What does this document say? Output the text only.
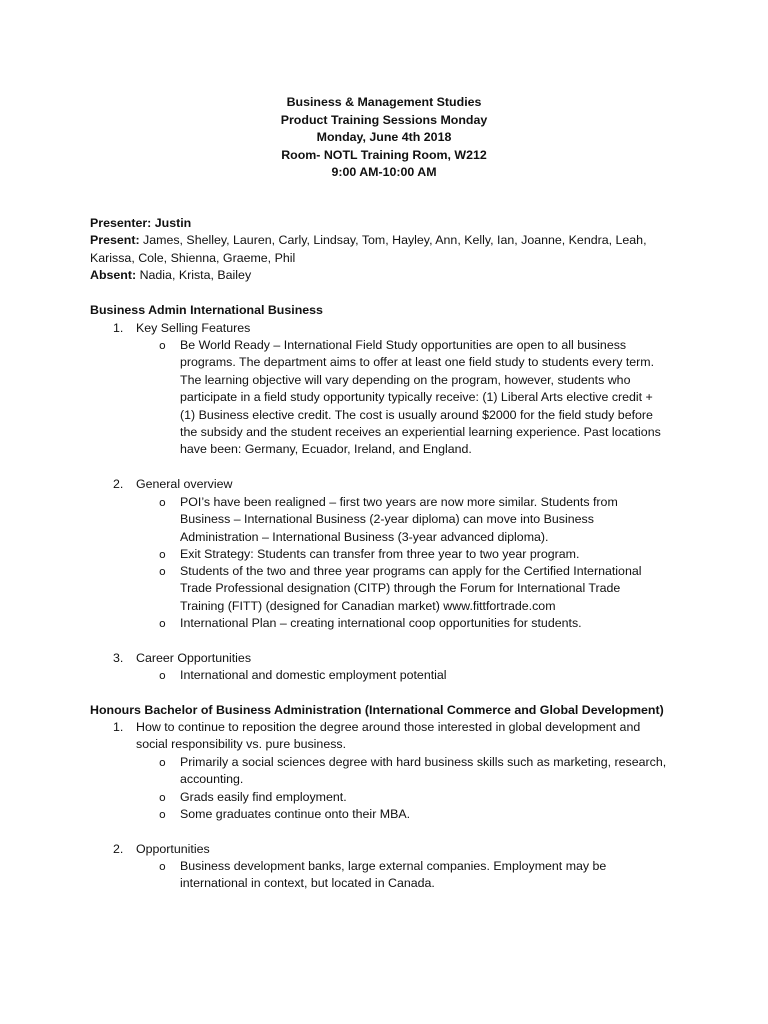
Business & Management Studies
Product Training Sessions Monday
Monday, June 4th 2018
Room- NOTL Training Room, W212
9:00 AM-10:00 AM
Presenter: Justin
Present: James, Shelley, Lauren, Carly, Lindsay, Tom, Hayley, Ann, Kelly, Ian, Joanne, Kendra, Leah,
Karissa, Cole, Shienna, Graeme, Phil
Absent: Nadia, Krista, Bailey
Business Admin International Business
1. Key Selling Features
o Be World Ready – International Field Study opportunities are open to all business
programs. The department aims to offer at least one field study to students every term.
The learning objective will vary depending on the program, however, students who
participate in a field study opportunity typically receive: (1) Liberal Arts elective credit +
(1) Business elective credit. The cost is usually around $2000 for the field study before
the subsidy and the student receives an experiential learning experience. Past locations
have been: Germany, Ecuador, Ireland, and England.
2. General overview
o POI’s have been realigned – first two years are now more similar. Students from
Business – International Business (2-year diploma) can move into Business
Administration – International Business (3-year advanced diploma).
o Exit Strategy: Students can transfer from three year to two year program.
o Students of the two and three year programs can apply for the Certified International
Trade Professional designation (CITP) through the Forum for International Trade
Training (FITT) (designed for Canadian market) www.fittfortrade.com
o International Plan – creating international coop opportunities for students.
3. Career Opportunities
o International and domestic employment potential
Honours Bachelor of Business Administration (International Commerce and Global Development)
1. How to continue to reposition the degree around those interested in global development and
social responsibility vs. pure business.
o Primarily a social sciences degree with hard business skills such as marketing, research,
accounting.
o Grads easily find employment.
o Some graduates continue onto their MBA.
2. Opportunities
o Business development banks, large external companies. Employment may be
international in context, but located in Canada.
